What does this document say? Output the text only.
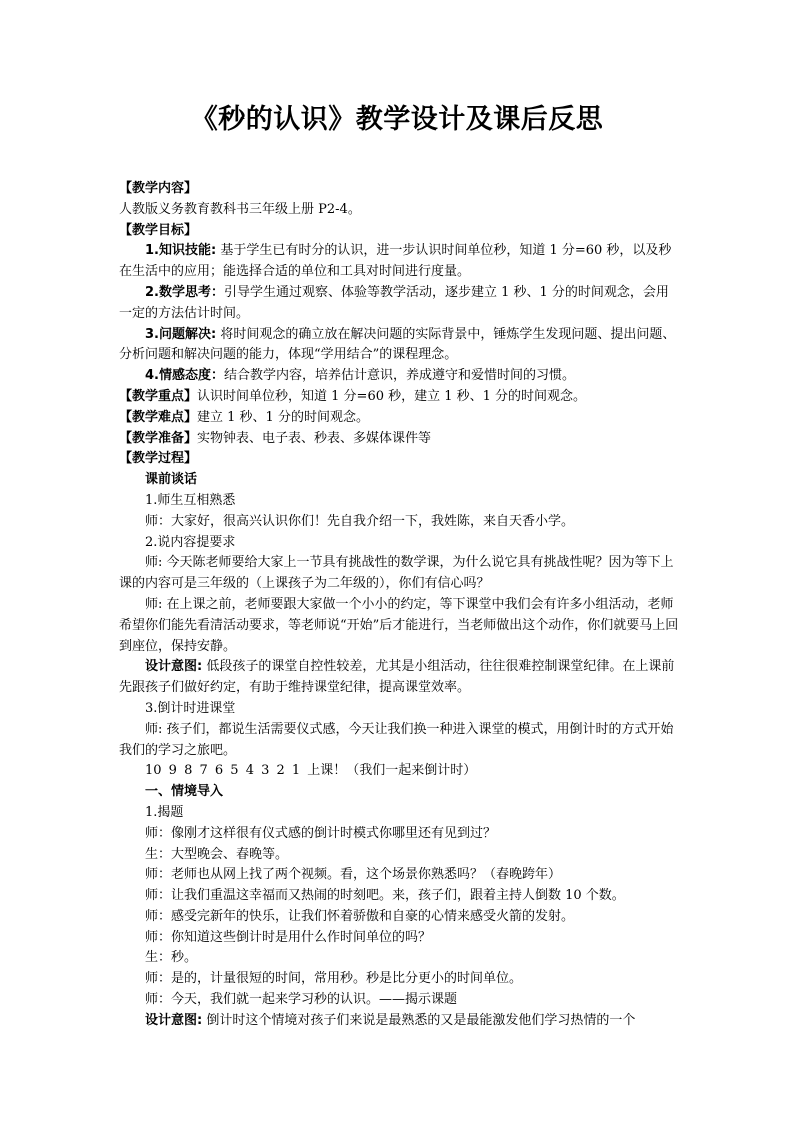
《秒的认识》教学设计及课后反思

【教学内容】

人教版义务教育教科书三年级上册 P2-4。

【教学目标】

1.知识技能: 基于学生已有时分的认识，进一步认识时间单位秒，知道 1 分=60 秒，以及秒在生活中的应用；能选择合适的单位和工具对时间进行度量。

2.数学思考：引导学生通过观察、体验等教学活动，逐步建立 1 秒、1 分的时间观念，会用一定的方法估计时间。

3.问题解决: 将时间观念的确立放在解决问题的实际背景中，锤炼学生发现问题、提出问题、分析问题和解决问题的能力，体现“学用结合”的课程理念。

4.情感态度：结合教学内容，培养估计意识，养成遵守和爱惜时间的习惯。

【教学重点】认识时间单位秒，知道 1 分=60 秒，建立 1 秒、1 分的时间观念。

【教学难点】建立 1 秒、1 分的时间观念。

【教学准备】实物钟表、电子表、秒表、多媒体课件等

【教学过程】

课前谈话

1.师生互相熟悉

师：大家好，很高兴认识你们！先自我介绍一下，我姓陈，来自天香小学。

2.说内容提要求

师: 今天陈老师要给大家上一节具有挑战性的数学课，为什么说它具有挑战性呢？因为等下上课的内容可是三年级的（上课孩子为二年级的），你们有信心吗？

师: 在上课之前，老师要跟大家做一个小小的约定，等下课堂中我们会有许多小组活动，老师希望你们能先看清活动要求，等老师说“开始”后才能进行，当老师做出这个动作，你们就要马上回到座位，保持安静。

设计意图: 低段孩子的课堂自控性较差，尤其是小组活动，往往很难控制课堂纪律。在上课前先跟孩子们做好约定，有助于维持课堂纪律，提高课堂效率。

3.倒计时进课堂

师: 孩子们，都说生活需要仪式感，今天让我们换一种进入课堂的模式，用倒计时的方式开始我们的学习之旅吧。

10 9 8 7 6 5 4 3 2 1 上课！（我们一起来倒计时）

一、情境导入

1.揭题

师：像刚才这样很有仪式感的倒计时模式你哪里还有见到过？

生：大型晚会、春晚等。

师：老师也从网上找了两个视频。看，这个场景你熟悉吗？（春晚跨年）

师：让我们重温这幸福而又热闹的时刻吧。来，孩子们，跟着主持人倒数 10 个数。

师：感受完新年的快乐，让我们怀着骄傲和自豪的心情来感受火箭的发射。

师：你知道这些倒计时是用什么作时间单位的吗？

生：秒。

师：是的，计量很短的时间，常用秒。秒是比分更小的时间单位。

师：今天，我们就一起来学习秒的认识。——揭示课题

设计意图: 倒计时这个情境对孩子们来说是最熟悉的又是最能激发他们学习热情的一个
